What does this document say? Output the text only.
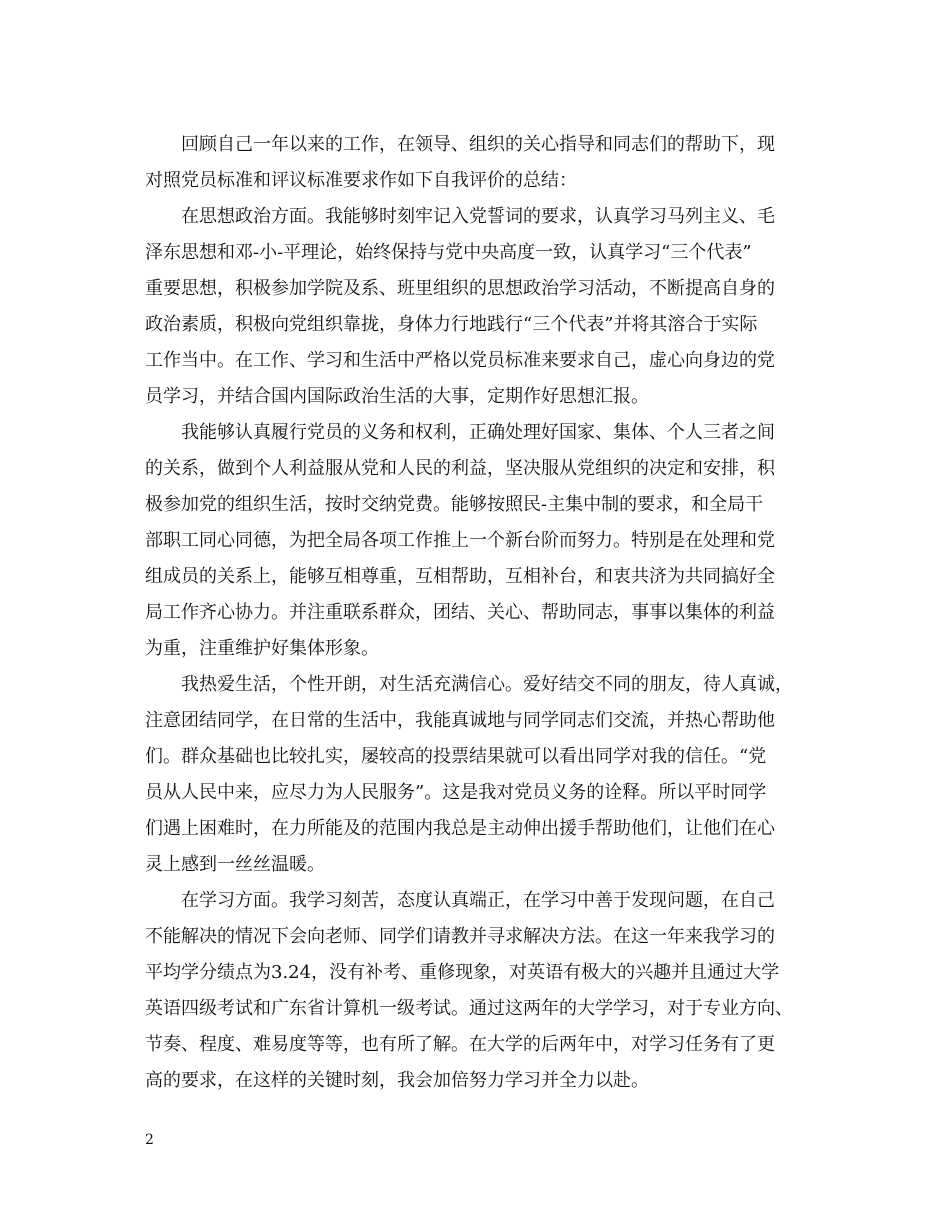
回顾自己一年以来的工作，在领导、组织的关心指导和同志们的帮助下，现
对照党员标准和评议标准要求作如下自我评价的总结：
在思想政治方面。我能够时刻牢记入党誓词的要求，认真学习马列主义、毛
泽东思想和邓-小-平理论，始终保持与党中央高度一致，认真学习“三个代表”
重要思想，积极参加学院及系、班里组织的思想政治学习活动，不断提高自身的
政治素质，积极向党组织靠拢，身体力行地践行“三个代表”并将其溶合于实际
工作当中。在工作、学习和生活中严格以党员标准来要求自己，虚心向身边的党
员学习，并结合国内国际政治生活的大事，定期作好思想汇报。
我能够认真履行党员的义务和权利，正确处理好国家、集体、个人三者之间
的关系，做到个人利益服从党和人民的利益，坚决服从党组织的决定和安排，积
极参加党的组织生活，按时交纳党费。能够按照民-主集中制的要求，和全局干
部职工同心同德，为把全局各项工作推上一个新台阶而努力。特别是在处理和党
组成员的关系上，能够互相尊重，互相帮助，互相补台，和衷共济为共同搞好全
局工作齐心协力。并注重联系群众，团结、关心、帮助同志，事事以集体的利益
为重，注重维护好集体形象。
我热爱生活，个性开朗，对生活充满信心。爱好结交不同的朋友，待人真诚，
注意团结同学，在日常的生活中，我能真诚地与同学同志们交流，并热心帮助他
们。群众基础也比较扎实，屡较高的投票结果就可以看出同学对我的信任。“党
员从人民中来，应尽力为人民服务”。这是我对党员义务的诠释。所以平时同学
们遇上困难时，在力所能及的范围内我总是主动伸出援手帮助他们，让他们在心
灵上感到一丝丝温暖。
在学习方面。我学习刻苦，态度认真端正，在学习中善于发现问题，在自己
不能解决的情况下会向老师、同学们请教并寻求解决方法。在这一年来我学习的
平均学分绩点为3.24，没有补考、重修现象，对英语有极大的兴趣并且通过大学
英语四级考试和广东省计算机一级考试。通过这两年的大学学习，对于专业方向、
节奏、程度、难易度等等，也有所了解。在大学的后两年中，对学习任务有了更
高的要求，在这样的关键时刻，我会加倍努力学习并全力以赴。
2
